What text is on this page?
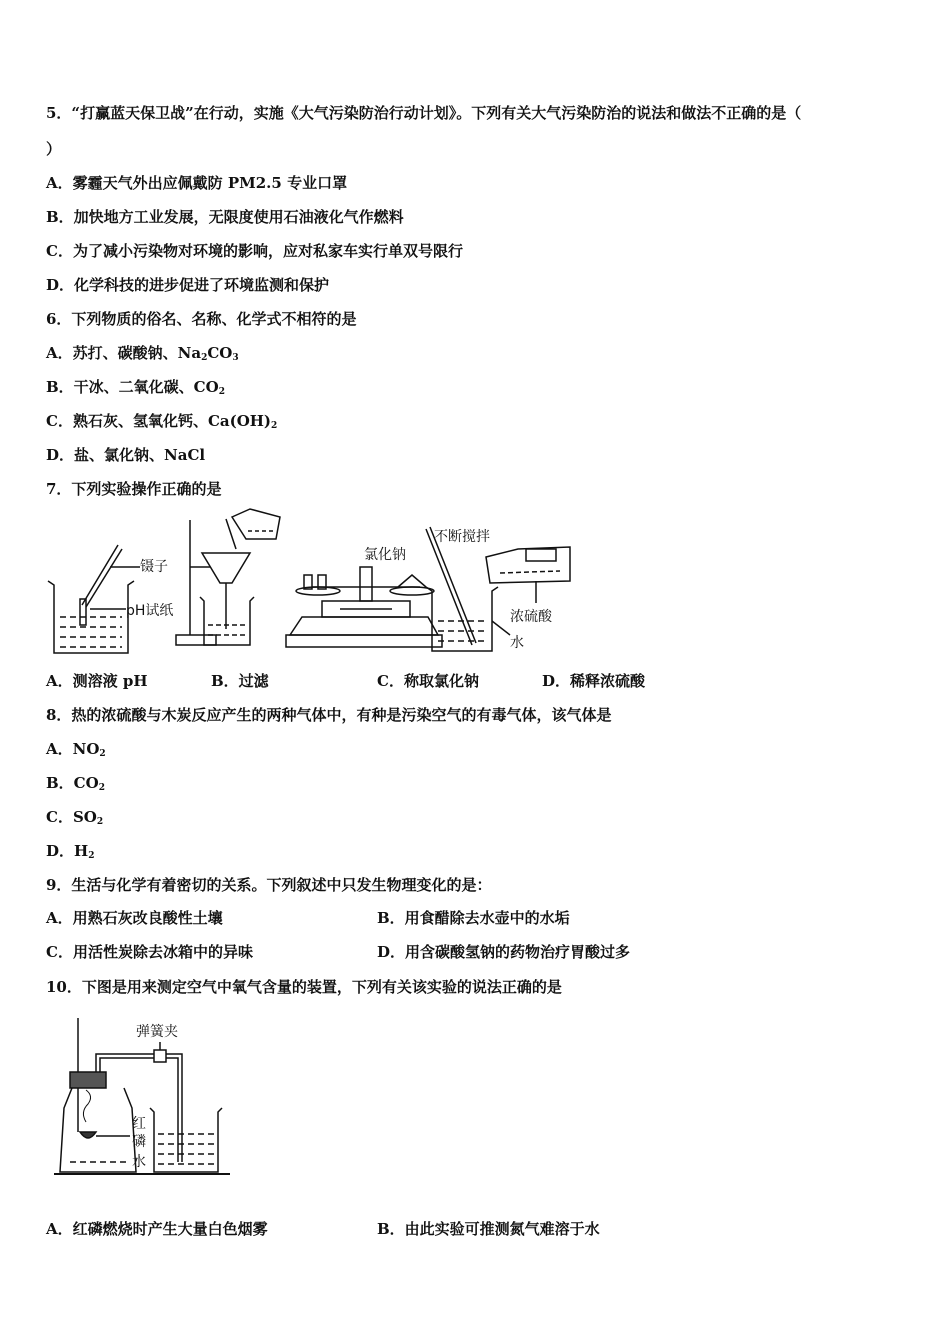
5．“打赢蓝天保卫战”在行动，实施《大气污染防治行动计划》。下列有关大气污染防治的说法和做法不正确的是（
）
A．雾霾天气外出应佩戴防 PM2.5 专业口罩
B．加快地方工业发展，无限度使用石油液化气作燃料
C．为了减小污染物对环境的影响，应对私家车实行单双号限行
D．化学科技的进步促进了环境监测和保护
6．下列物质的俗名、名称、化学式不相符的是
A．苏打、碳酸钠、$Na_2CO_3$
B．干冰、二氧化碳、$CO_2$
C．熟石灰、氢氧化钙、$Ca(OH)_2$
D．盐、氯化钠、NaCl
7．下列实验操作正确的是
镊子
pH试纸
氯化钠
不断搅拌
浓硫酸
水
A．测溶液 pH	B．过滤	C．称取氯化钠	D．稀释浓硫酸
8．热的浓硫酸与木炭反应产生的两种气体中，有种是污染空气的有毒气体，该气体是
A．$NO_2$
B．$CO_2$
C．$SO_2$
D．$H_2$
9．生活与化学有着密切的关系。下列叙述中只发生物理变化的是：
A．用熟石灰改良酸性土壤	B．用食醋除去水壶中的水垢
C．用活性炭除去冰箱中的异味	D．用含碳酸氢钠的药物治疗胃酸过多
10．下图是用来测定空气中氧气含量的装置，下列有关该实验的说法正确的是
弹簧夹
红
磷
水
A．红磷燃烧时产生大量白色烟雾	B．由此实验可推测氮气难溶于水
